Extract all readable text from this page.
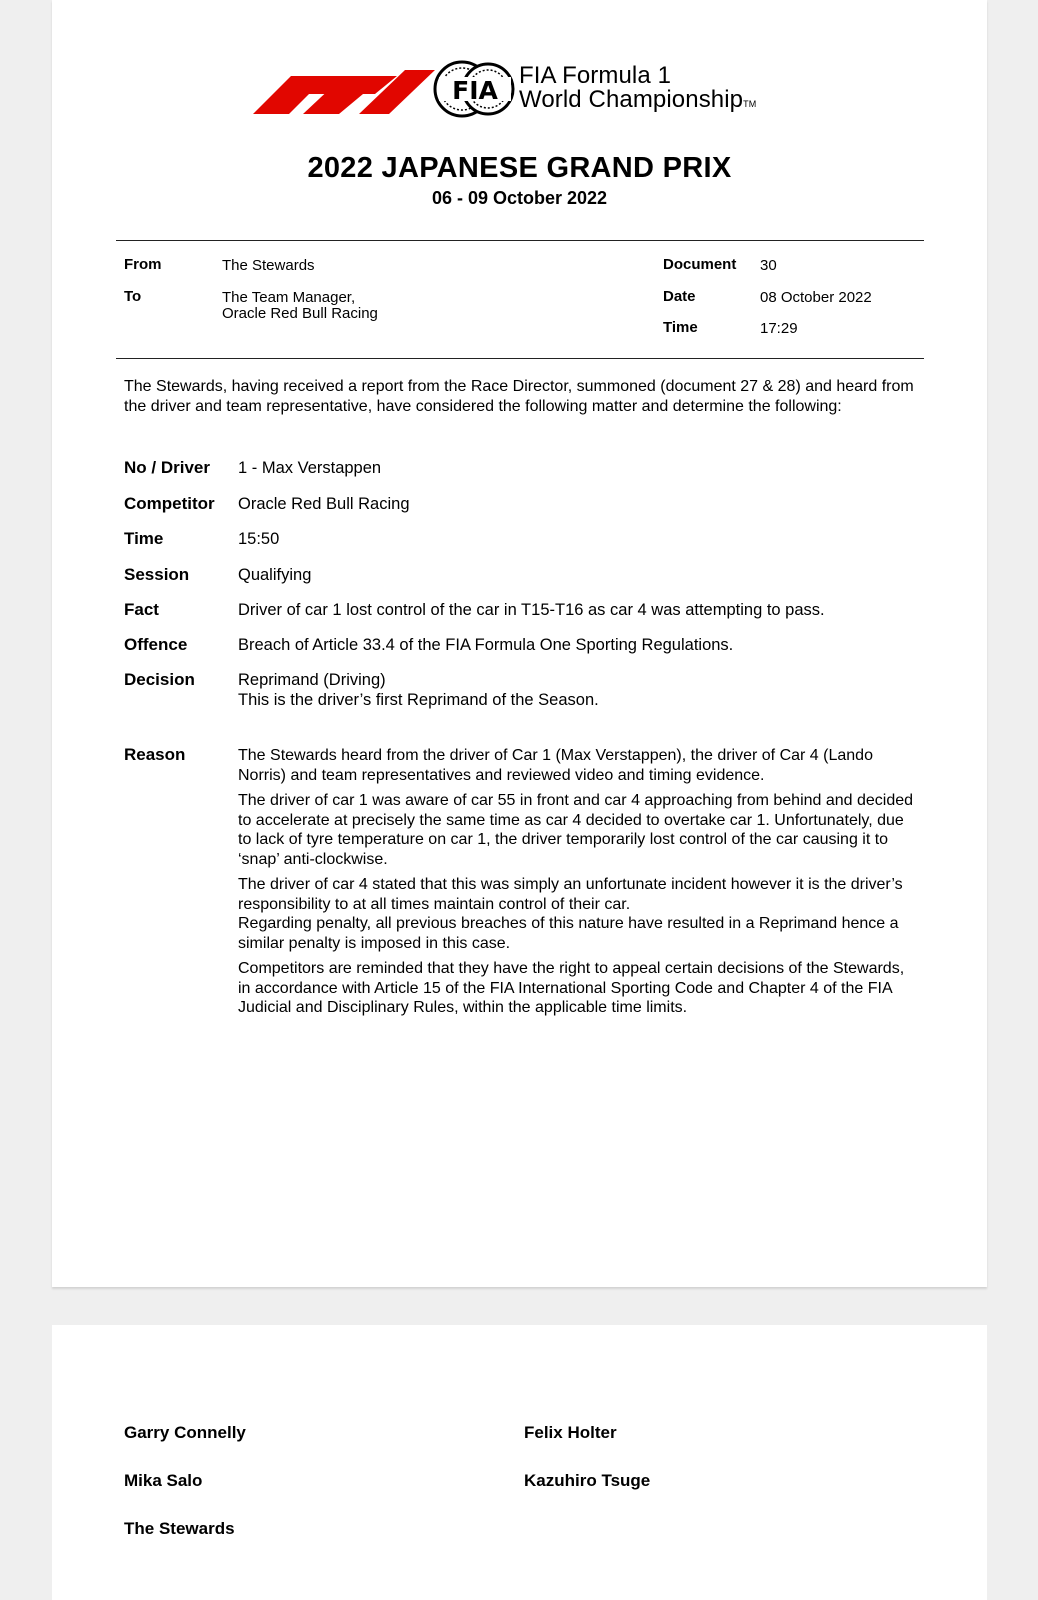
FIA
FIA Formula 1
World ChampionshipTM
2022 JAPANESE GRAND PRIX
06 - 09 October 2022
From	The Stewards
To	The Team Manager,
Oracle Red Bull Racing
Document 30
Date	08 October 2022
Time	17:29
The Stewards, having received a report from the Race Director, summoned (document 27 & 28) and heard from the driver and team representative, have considered the following matter and determine the following:
No / Driver 1 - Max Verstappen
Competitor Oracle Red Bull Racing
Time	15:50
Session	Qualifying
Fact	Driver of car 1 lost control of the car in T15-T16 as car 4 was attempting to pass.
Offence	Breach of Article 33.4 of the FIA Formula One Sporting Regulations.
Decision	Reprimand (Driving)
This is the driver’s first Reprimand of the Season.
Reason	The Stewards heard from the driver of Car 1 (Max Verstappen), the driver of Car 4 (Lando Norris) and team representatives and reviewed video and timing evidence.

The driver of car 1 was aware of car 55 in front and car 4 approaching from behind and decided to accelerate at precisely the same time as car 4 decided to overtake car 1. Unfortunately, due to lack of tyre temperature on car 1, the driver temporarily lost control of the car causing it to ‘snap’ anti-clockwise.

The driver of car 4 stated that this was simply an unfortunate incident however it is the driver’s responsibility to at all times maintain control of their car.

Regarding penalty, all previous breaches of this nature have resulted in a Reprimand hence a similar penalty is imposed in this case.

Competitors are reminded that they have the right to appeal certain decisions of the Stewards, in accordance with Article 15 of the FIA International Sporting Code and Chapter 4 of the FIA Judicial and Disciplinary Rules, within the applicable time limits.

Garry Connelly	Felix Holter
Mika Salo	Kazuhiro Tsuge
The Stewards
